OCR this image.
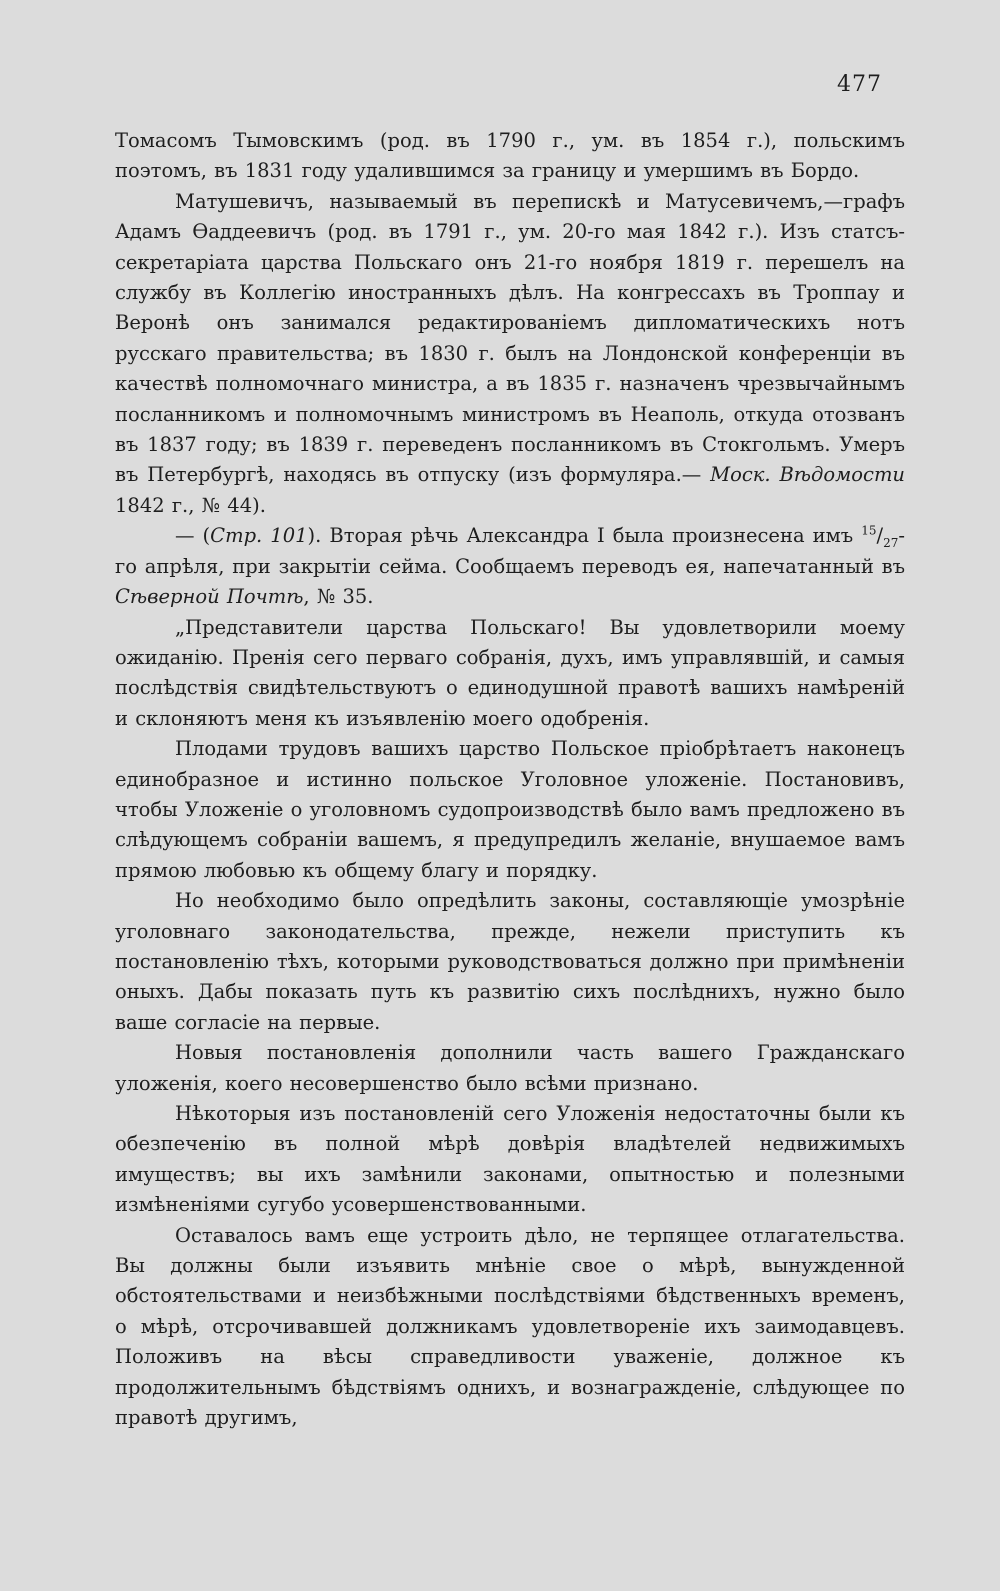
477

Томасомъ Тымовскимъ (род. въ 1790 г., ум. въ 1854 г.), польскимъ поэтомъ, въ 1831 году удалившимся за границу и умершимъ въ Бордо.

Матушевичъ, называемый въ перепискѣ и Матусевичемъ,—графъ Адамъ Ѳаддеевичъ (род. въ 1791 г., ум. 20-го мая 1842 г.). Изъ статсъ-секретаріата царства Польскаго онъ 21-го ноября 1819 г. перешелъ на службу въ Коллегію иностранныхъ дѣлъ. На конгрессахъ въ Троппау и Веронѣ онъ занимался редактированіемъ дипломатическихъ нотъ русскаго правительства; въ 1830 г. былъ на Лондонской конференціи въ качествѣ полномочнаго министра, а въ 1835 г. назначенъ чрезвычайнымъ посланникомъ и полномочнымъ министромъ въ Неаполь, откуда отозванъ въ 1837 году; въ 1839 г. переведенъ посланникомъ въ Стокгольмъ. Умеръ въ Петербургѣ, находясь въ отпуску (изъ формуляра.— Моск. Вѣдомости 1842 г., № 44).

— (Стр. 101). Вторая рѣчь Александра I была произнесена имъ $^{15}/_{27}-го$ апрѣля, при закрытіи сейма. Сообщаемъ переводъ ея, напечатанный въ Сѣверной Почтѣ, № 35.

„Представители царства Польскаго! Вы удовлетворили моему ожиданію. Пренія сего перваго собранія, духъ, имъ управлявшій, и самыя послѣдствія свидѣтельствуютъ о единодушной правотѣ вашихъ намѣреній и склоняютъ меня къ изъявленію моего одобренія.

Плодами трудовъ вашихъ царство Польское пріобрѣтаетъ наконецъ единобразное и истинно польское Уголовное уложеніе. Постановивъ, чтобы Уложеніе о уголовномъ судопроизводствѣ было вамъ предложено въ слѣдующемъ собраніи вашемъ, я предупредилъ желаніе, внушаемое вамъ прямою любовью къ общему благу и порядку.

Но необходимо было опредѣлить законы, составляющіе умозрѣніе уголовнаго законодательства, прежде, нежели приступить къ постановленію тѣхъ, которыми руководствоваться должно при примѣненіи оныхъ. Дабы показать путь къ развитію сихъ послѣднихъ, нужно было ваше согласіе на первые.

Новыя постановленія дополнили часть вашего Гражданскаго уложенія, коего несовершенство было всѣми признано.

Нѣкоторыя изъ постановленій сего Уложенія недостаточны были къ обезпеченію въ полной мѣрѣ довѣрія владѣтелей недвижимыхъ имуществъ; вы ихъ замѣнили законами, опытностью и полезными измѣненіями сугубо усовершенствованными.

Оставалось вамъ еще устроить дѣло, не терпящее отлагательства. Вы должны были изъявить мнѣніе свое о мѣрѣ, вынужденной обстоятельствами и неизбѣжными послѣдствіями бѣдственныхъ временъ, о мѣрѣ, отсрочивавшей должникамъ удовлетвореніе ихъ заимодавцевъ. Положивъ на вѣсы справедливости уваженіе, должное къ продолжительнымъ бѣдствіямъ однихъ, и вознагражденіе, слѣдующее по правотѣ другимъ,
